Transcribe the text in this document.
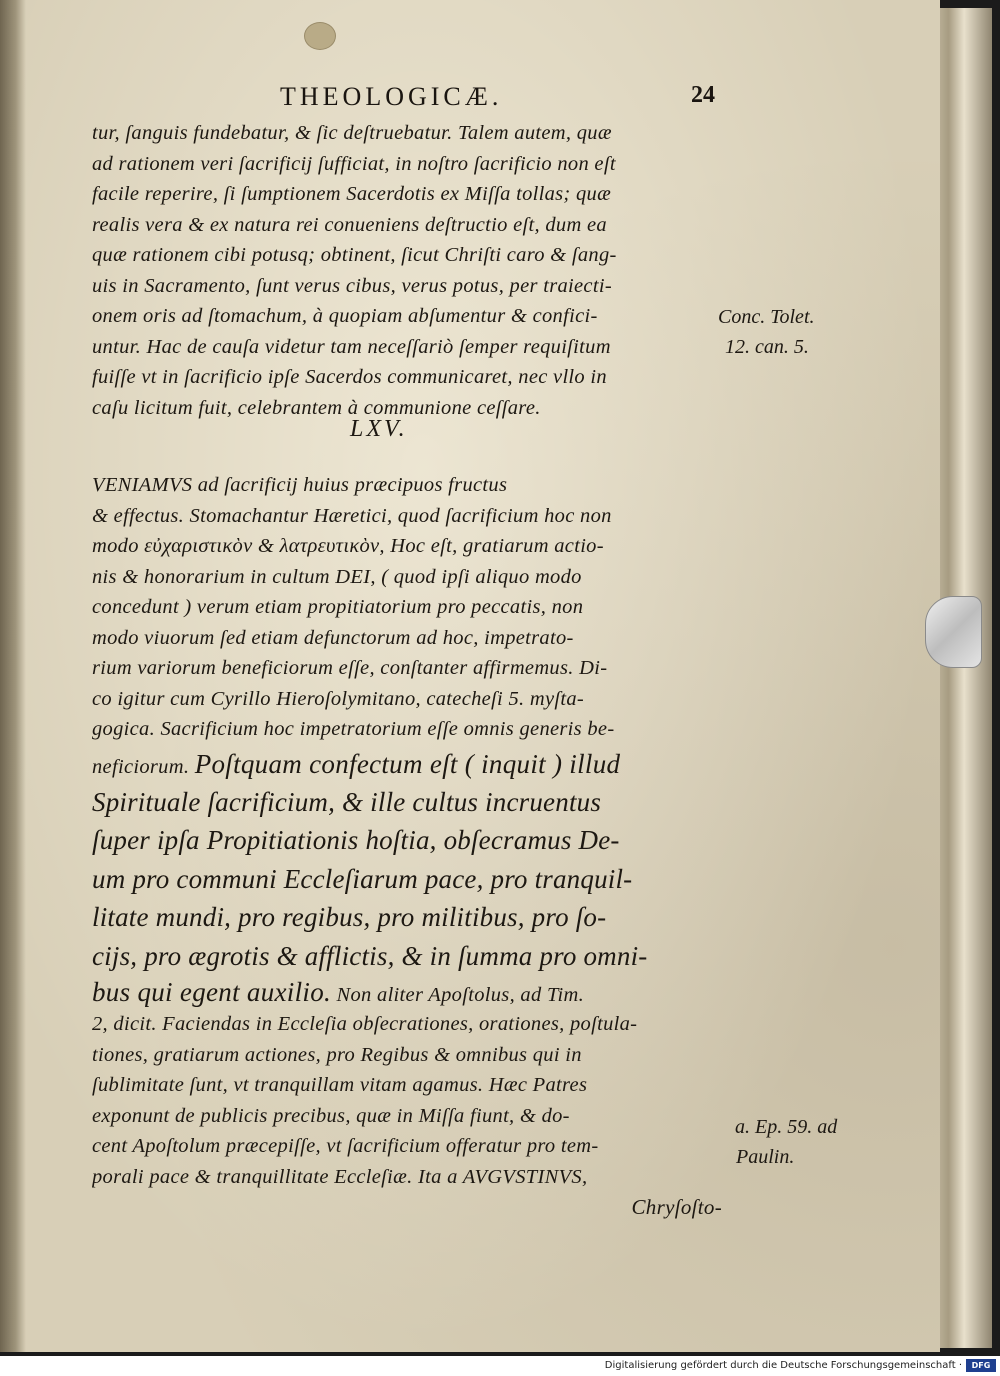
THEOLOGICÆ.	24
tur, ſanguis fundebatur, & ſic deſtruebatur. Talem autem, quæ
ad rationem veri ſacrificij ſufficiat, in noſtro ſacrificio non eſt
facile reperire, ſi ſumptionem Sacerdotis ex Miſſa tollas; quæ
realis vera & ex natura rei conueniens deſtructio eſt, dum ea
quæ rationem cibi potusq; obtinent, ſicut Chriſti caro & ſang-
uis in Sacramento, ſunt verus cibus, verus potus, per traiecti-
onem oris ad ſtomachum, à quopiam abſumentur & confici-
untur. Hac de cauſa videtur tam neceſſariò ſemper requiſitum
fuiſſe vt in ſacrificio ipſe Sacerdos communicaret, nec vllo in
caſu licitum fuit, celebrantem à communione ceſſare.
Conc. Tolet.
12. can. 5.
LXV.
VENIAMVS ad ſacrificij huius præcipuos fructus
& effectus. Stomachantur Hæretici, quod ſacrificium hoc non
modo εὐχαριστικὸν & λατρευτικὸν, Hoc eſt, gratiarum actio-
nis & honorarium in cultum DEI, ( quod ipſi aliquo modo
concedunt ) verum etiam propitiatorium pro peccatis, non
modo viuorum ſed etiam defunctorum ad hoc, impetrato-
rium variorum beneficiorum eſſe, conſtanter affirmemus. Di-
co igitur cum Cyrillo Hieroſolymitano, catecheſi 5. myſta-
gogica. Sacrificium hoc impetratorium eſſe omnis generis be-
neficiorum. Poſtquam confectum eſt ( inquit ) illud
Spirituale ſacrificium, & ille cultus incruentus
ſuper ipſa Propitiationis hoſtia, obſecramus De-
um pro communi Eccleſiarum pace, pro tranquil-
litate mundi, pro regibus, pro militibus, pro ſo-
cijs, pro ægrotis & afflictis, & in ſumma pro omni-
bus qui egent auxilio. Non aliter Apoſtolus, ad Tim.
2, dicit. Faciendas in Eccleſia obſecrationes, orationes, poſtula-
tiones, gratiarum actiones, pro Regibus & omnibus qui in
ſublimitate ſunt, vt tranquillam vitam agamus. Hæc Patres
exponunt de publicis precibus, quæ in Miſſa fiunt, & do-
cent Apoſtolum præcepiſſe, vt ſacrificium offeratur pro tem-
porali pace & tranquillitate Eccleſiæ. Ita a AVGVSTINVS,
Chryſoſto-
a. Ep. 59. ad
Paulin.
Digitalisierung gefördert durch die Deutsche Forschungsgemeinschaft ·	DFG
